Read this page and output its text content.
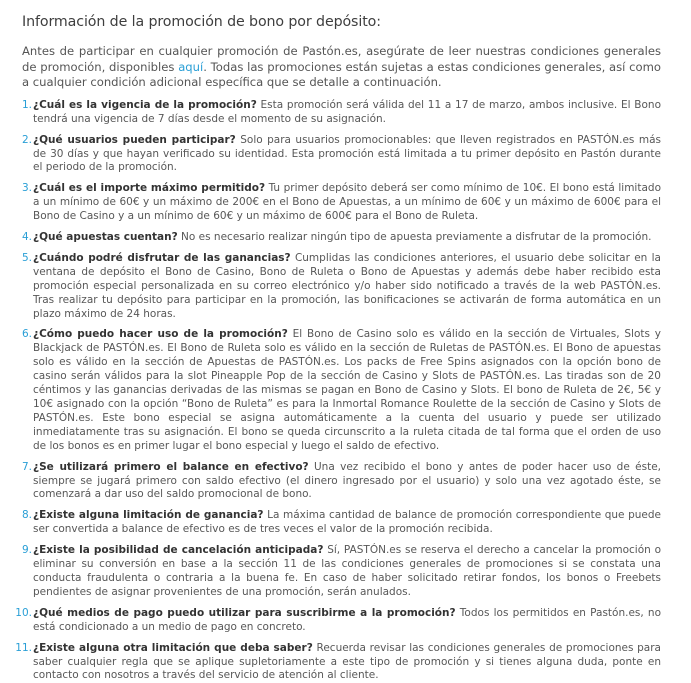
Información de la promoción de bono por depósito:

Antes de participar en cualquier promoción de Pastón.es, asegúrate de leer nuestras condiciones generales de promoción, disponibles aquí. Todas las promociones están sujetas a estas condiciones generales, así como a cualquier condición adicional específica que se detalle a continuación.

1. ¿Cuál es la vigencia de la promoción? Esta promoción será válida del 11 a 17 de marzo, ambos inclusive. El Bono tendrá una vigencia de 7 días desde el momento de su asignación.
2. ¿Qué usuarios pueden participar? Solo para usuarios promocionables: que lleven registrados en PASTÓN.es más de 30 días y que hayan verificado su identidad. Esta promoción está limitada a tu primer depósito en Pastón durante el periodo de la promoción.
3. ¿Cuál es el importe máximo permitido? Tu primer depósito deberá ser como mínimo de 10€. El bono está limitado a un mínimo de 60€ y un máximo de 200€ en el Bono de Apuestas, a un mínimo de 60€ y un máximo de 600€ para el Bono de Casino y a un mínimo de 60€ y un máximo de 600€ para el Bono de Ruleta.
4. ¿Qué apuestas cuentan? No es necesario realizar ningún tipo de apuesta previamente a disfrutar de la promoción.
5. ¿Cuándo podré disfrutar de las ganancias? Cumplidas las condiciones anteriores, el usuario debe solicitar en la ventana de depósito el Bono de Casino, Bono de Ruleta o Bono de Apuestas y además debe haber recibido esta promoción especial personalizada en su correo electrónico y/o haber sido notificado a través de la web PASTÓN.es. Tras realizar tu depósito para participar en la promoción, las bonificaciones se activarán de forma automática en un plazo máximo de 24 horas.
6. ¿Cómo puedo hacer uso de la promoción? El Bono de Casino solo es válido en la sección de Virtuales, Slots y Blackjack de PASTÓN.es. El Bono de Ruleta solo es válido en la sección de Ruletas de PASTÓN.es. El Bono de apuestas solo es válido en la sección de Apuestas de PASTÓN.es. Los packs de Free Spins asignados con la opción bono de casino serán válidos para la slot Pineapple Pop de la sección de Casino y Slots de PASTÓN.es. Las tiradas son de 20 céntimos y las ganancias derivadas de las mismas se pagan en Bono de Casino y Slots. El bono de Ruleta de 2€, 5€ y 10€ asignado con la opción “Bono de Ruleta” es para la Inmortal Romance Roulette de la sección de Casino y Slots de PASTÓN.es. Este bono especial se asigna automáticamente a la cuenta del usuario y puede ser utilizado inmediatamente tras su asignación. El bono se queda circunscrito a la ruleta citada de tal forma que el orden de uso de los bonos es en primer lugar el bono especial y luego el saldo de efectivo.
7. ¿Se utilizará primero el balance en efectivo? Una vez recibido el bono y antes de poder hacer uso de éste, siempre se jugará primero con saldo efectivo (el dinero ingresado por el usuario) y solo una vez agotado éste, se comenzará a dar uso del saldo promocional de bono.
8. ¿Existe alguna limitación de ganancia? La máxima cantidad de balance de promoción correspondiente que puede ser convertida a balance de efectivo es de tres veces el valor de la promoción recibida.
9. ¿Existe la posibilidad de cancelación anticipada? Sí, PASTÓN.es se reserva el derecho a cancelar la promoción o eliminar su conversión en base a la sección 11 de las condiciones generales de promociones si se constata una conducta fraudulenta o contraria a la buena fe. En caso de haber solicitado retirar fondos, los bonos o Freebets pendientes de asignar provenientes de una promoción, serán anulados.
10. ¿Qué medios de pago puedo utilizar para suscribirme a la promoción? Todos los permitidos en Pastón.es, no está condicionado a un medio de pago en concreto.
11. ¿Existe alguna otra limitación que deba saber? Recuerda revisar las condiciones generales de promociones para saber cualquier regla que se aplique supletoriamente a este tipo de promoción y si tienes alguna duda, ponte en contacto con nosotros a través del servicio de atención al cliente.
